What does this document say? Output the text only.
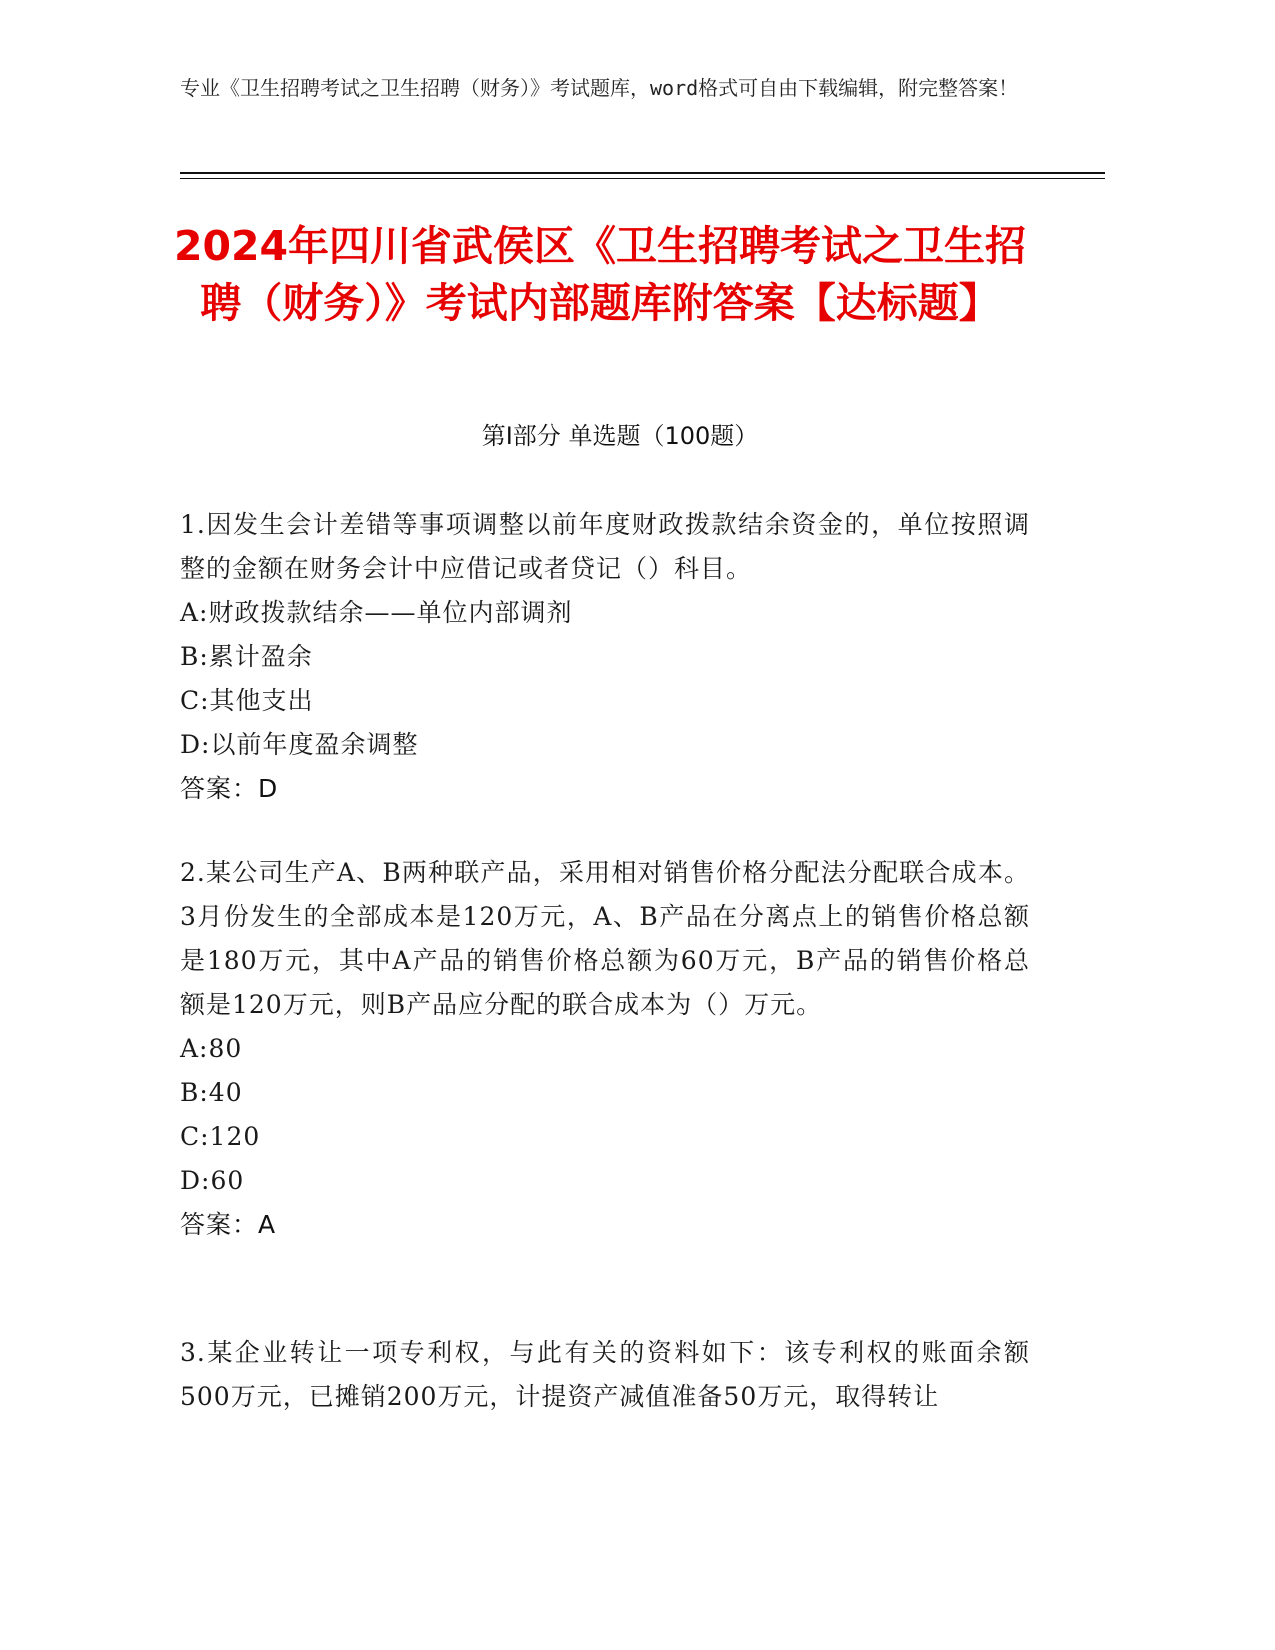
专业《卫生招聘考试之卫生招聘（财务）》考试题库，word格式可自由下载编辑，附完整答案！
2024年四川省武侯区《卫生招聘考试之卫生招聘（财务）》考试内部题库附答案【达标题】
第Ⅰ部分 单选题（100题）

1.因发生会计差错等事项调整以前年度财政拨款结余资金的，单位按照调整的金额在财务会计中应借记或者贷记（）科目。

A:财政拨款结余——单位内部调剂

B:累计盈余

C:其他支出

D:以前年度盈余调整

答案：D

2.某公司生产A、B两种联产品，采用相对销售价格分配法分配联合成本。3月份发生的全部成本是120万元，A、B产品在分离点上的销售价格总额是180万元，其中A产品的销售价格总额为60万元，B产品的销售价格总额是120万元，则B产品应分配的联合成本为（）万元。

A:80

B:40

C:120

D:60

答案：A

3.某企业转让一项专利权，与此有关的资料如下：该专利权的账面余额500万元，已摊销200万元，计提资产减值准备50万元，取得转让
